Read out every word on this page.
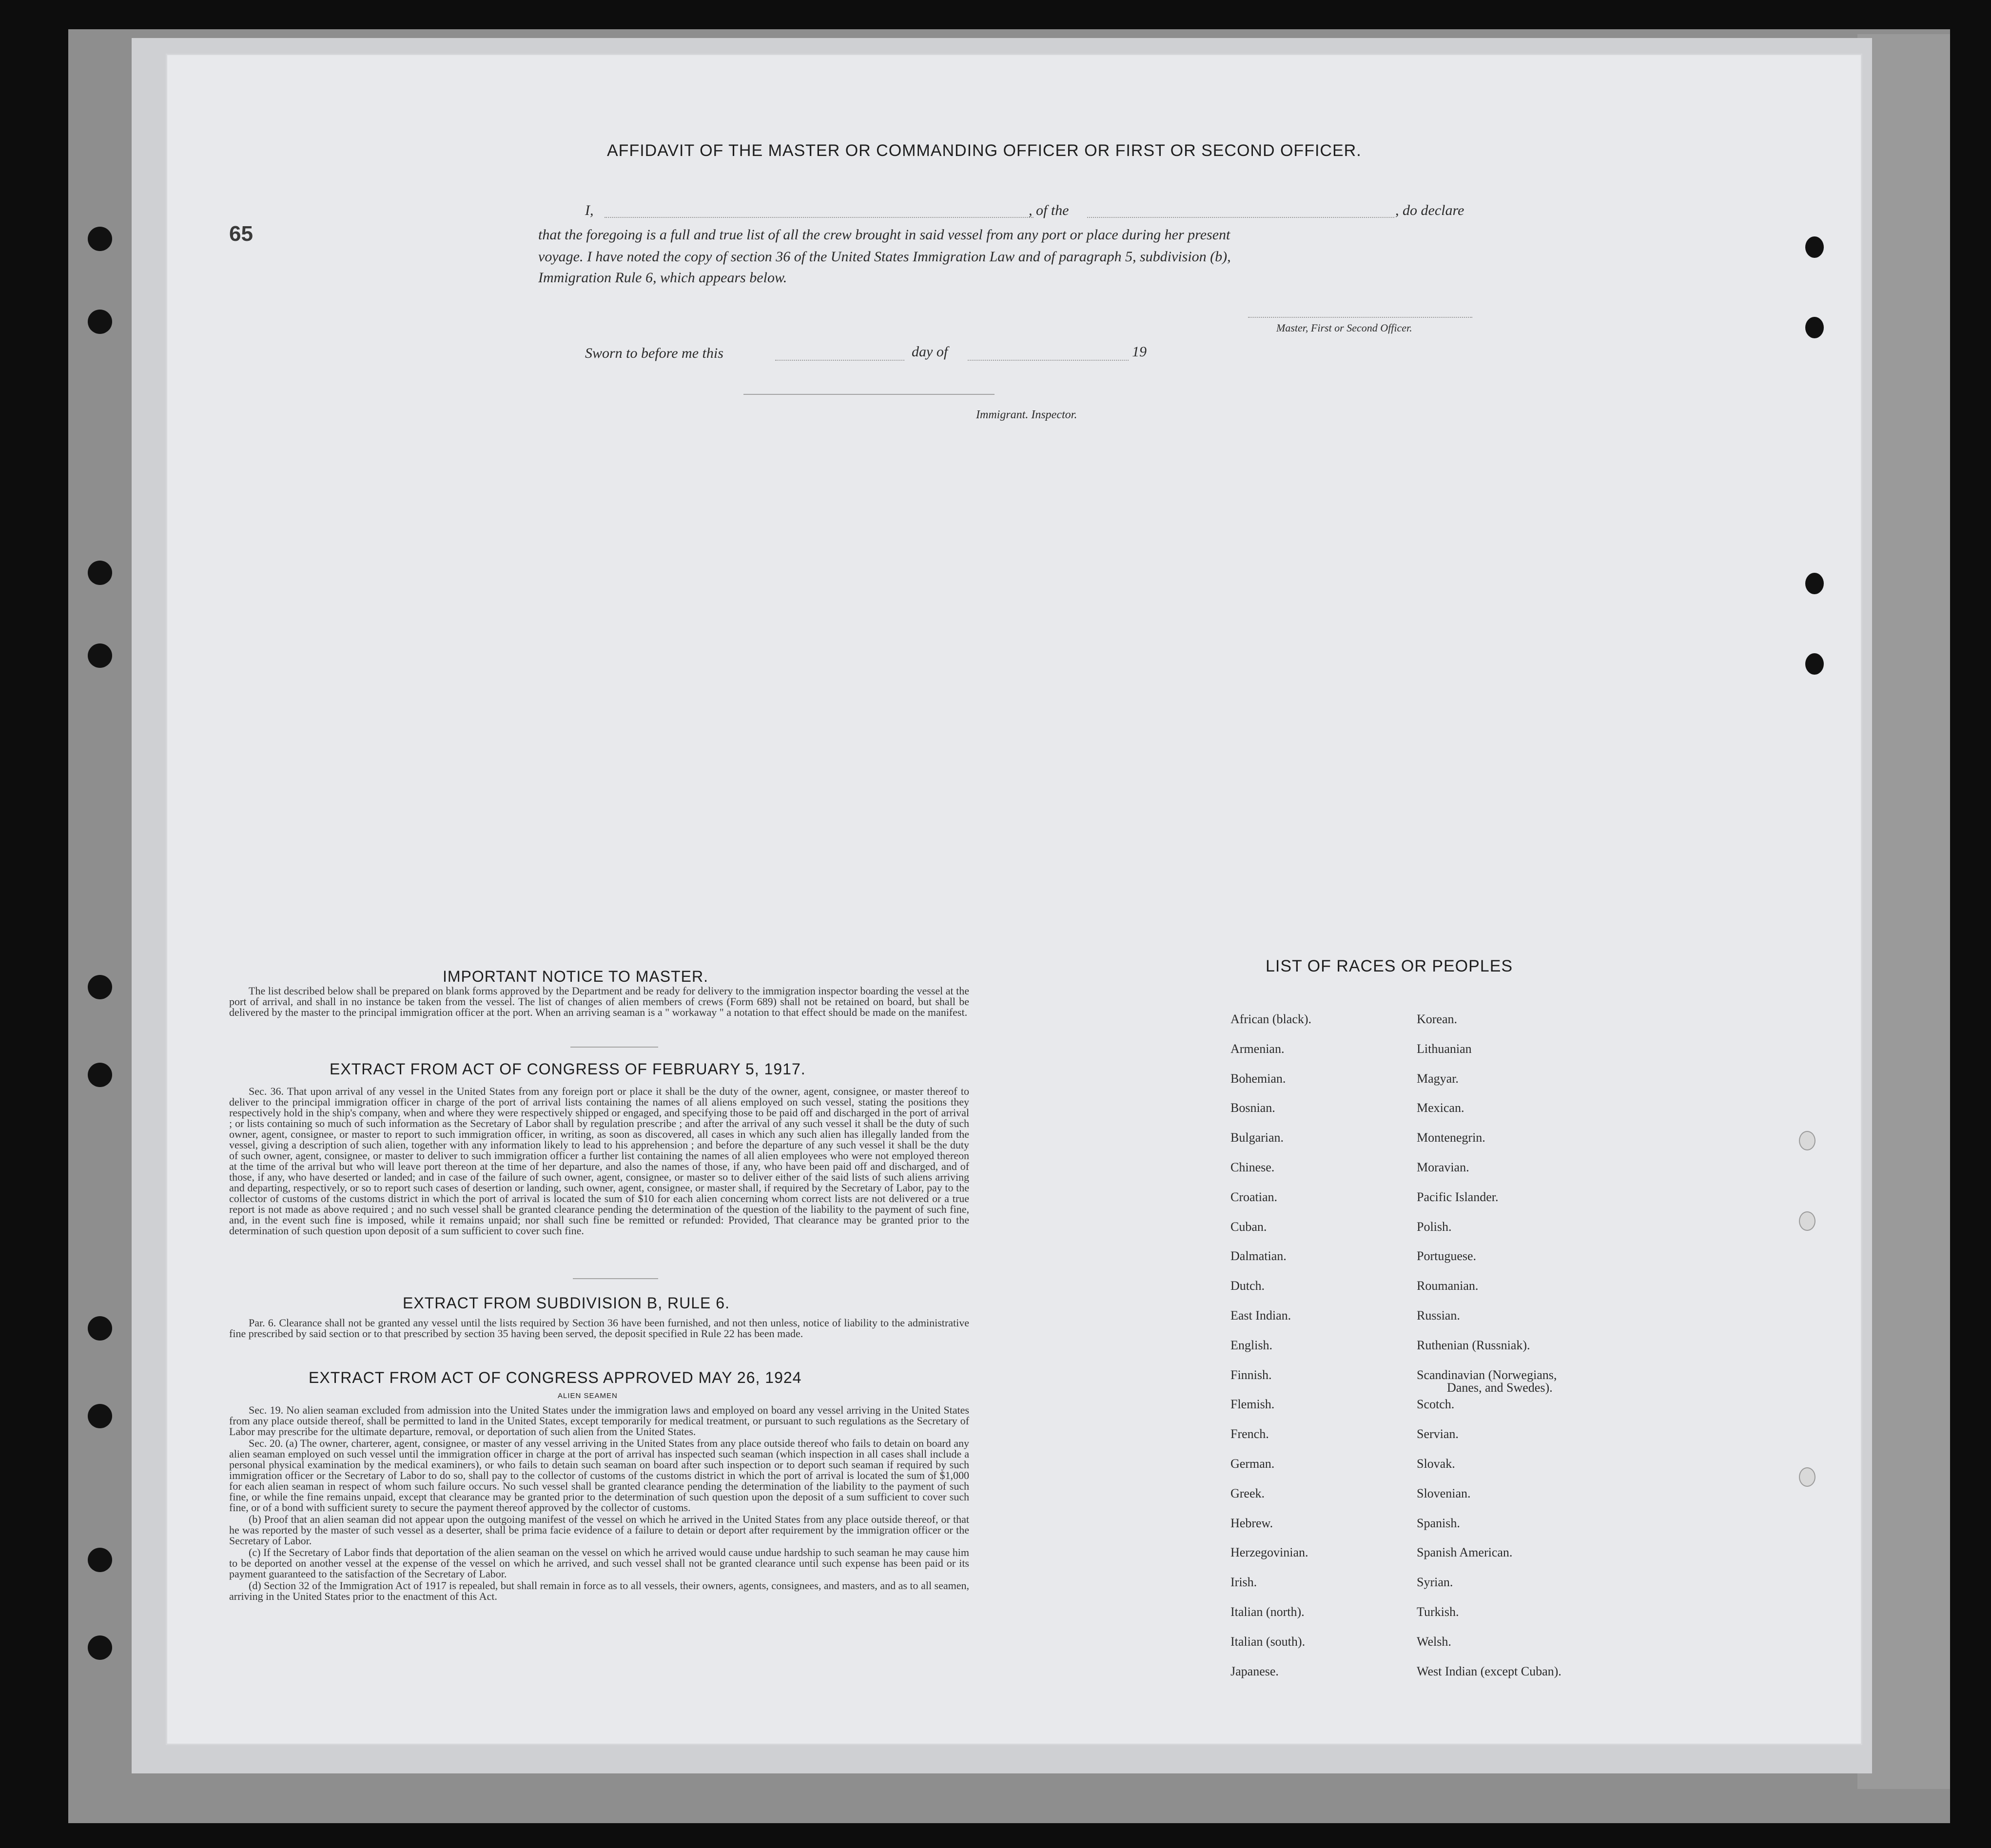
65
AFFIDAVIT OF THE MASTER OR COMMANDING OFFICER OR FIRST OR SECOND OFFICER.
I,	, of the	, do declare
that the foregoing is a full and true list of all the crew brought in said vessel from any port or place during her present
voyage. I have noted the copy of section 36 of the United States Immigration Law and of paragraph 5, subdivision (b),
Immigration Rule 6, which appears below.
Master, First or Second Officer.
Sworn to before me this	day of	19
Immigrant. Inspector.
IMPORTANT NOTICE TO MASTER.

The list described below shall be prepared on blank forms approved by the Department and be ready for delivery to the immigration inspector boarding the vessel at the port of arrival, and shall in no instance be taken from the vessel. The list of changes of alien members of crews (Form 689) shall not be retained on board, but shall be delivered by the master to the principal immigration officer at the port. When an arriving seaman is a " workaway " a notation to that effect should be made on the manifest.

EXTRACT FROM ACT OF CONGRESS OF FEBRUARY 5, 1917.

Sec. 36. That upon arrival of any vessel in the United States from any foreign port or place it shall be the duty of the owner, agent, consignee, or master thereof to deliver to the principal immigration officer in charge of the port of arrival lists containing the names of all aliens employed on such vessel, stating the positions they respectively hold in the ship's company, when and where they were respectively shipped or engaged, and specifying those to be paid off and discharged in the port of arrival ; or lists containing so much of such information as the Secretary of Labor shall by regulation prescribe ; and after the arrival of any such vessel it shall be the duty of such owner, agent, consignee, or master to report to such immigration officer, in writing, as soon as discovered, all cases in which any such alien has illegally landed from the vessel, giving a description of such alien, together with any information likely to lead to his apprehension ; and before the departure of any such vessel it shall be the duty of such owner, agent, consignee, or master to deliver to such immigration officer a further list containing the names of all alien employees who were not employed thereon at the time of the arrival but who will leave port thereon at the time of her departure, and also the names of those, if any, who have been paid off and discharged, and of those, if any, who have deserted or landed; and in case of the failure of such owner, agent, consignee, or master so to deliver either of the said lists of such aliens arriving and departing, respectively, or so to report such cases of desertion or landing, such owner, agent, consignee, or master shall, if required by the Secretary of Labor, pay to the collector of customs of the customs district in which the port of arrival is located the sum of $10 for each alien concerning whom correct lists are not delivered or a true report is not made as above required ; and no such vessel shall be granted clearance pending the determination of the question of the liability to the payment of such fine, and, in the event such fine is imposed, while it remains unpaid; nor shall such fine be remitted or refunded: Provided, That clearance may be granted prior to the determination of such question upon deposit of a sum sufficient to cover such fine.

EXTRACT FROM SUBDIVISION B, RULE 6.

Par. 6. Clearance shall not be granted any vessel until the lists required by Section 36 have been furnished, and not then unless, notice of liability to the administrative fine prescribed by said section or to that prescribed by section 35 having been served, the deposit specified in Rule 22 has been made.

EXTRACT FROM ACT OF CONGRESS APPROVED MAY 26, 1924
ALIEN SEAMEN

Sec. 19. No alien seaman excluded from admission into the United States under the immigration laws and employed on board any vessel arriving in the United States from any place outside thereof, shall be permitted to land in the United States, except temporarily for medical treatment, or pursuant to such regulations as the Secretary of Labor may prescribe for the ultimate departure, removal, or deportation of such alien from the United States.

Sec. 20. (a) The owner, charterer, agent, consignee, or master of any vessel arriving in the United States from any place outside thereof who fails to detain on board any alien seaman employed on such vessel until the immigration officer in charge at the port of arrival has inspected such seaman (which inspection in all cases shall include a personal physical examination by the medical examiners), or who fails to detain such seaman on board after such inspection or to deport such seaman if required by such immigration officer or the Secretary of Labor to do so, shall pay to the collector of customs of the customs district in which the port of arrival is located the sum of $1,000 for each alien seaman in respect of whom such failure occurs. No such vessel shall be granted clearance pending the determination of the liability to the payment of such fine, or while the fine remains unpaid, except that clearance may be granted prior to the determination of such question upon the deposit of a sum sufficient to cover such fine, or of a bond with sufficient surety to secure the payment thereof approved by the collector of customs.

(b) Proof that an alien seaman did not appear upon the outgoing manifest of the vessel on which he arrived in the United States from any place outside thereof, or that he was reported by the master of such vessel as a deserter, shall be prima facie evidence of a failure to detain or deport after requirement by the immigration officer or the Secretary of Labor.

(c) If the Secretary of Labor finds that deportation of the alien seaman on the vessel on which he arrived would cause undue hardship to such seaman he may cause him to be deported on another vessel at the expense of the vessel on which he arrived, and such vessel shall not be granted clearance until such expense has been paid or its payment guaranteed to the satisfaction of the Secretary of Labor.

(d) Section 32 of the Immigration Act of 1917 is repealed, but shall remain in force as to all vessels, their owners, agents, consignees, and masters, and as to all seamen, arriving in the United States prior to the enactment of this Act.

LIST OF RACES OR PEOPLES
African (black).
Armenian.
Bohemian.
Bosnian.
Bulgarian.
Chinese.
Croatian.
Cuban.
Dalmatian.
Dutch.
East Indian.
English.
Finnish.
Flemish.
French.
German.
Greek.
Hebrew.
Herzegovinian.
Irish.
Italian (north).
Italian (south).
Japanese.
Korean.
Lithuanian
Magyar.
Mexican.
Montenegrin.
Moravian.
Pacific Islander.
Polish.
Portuguese.
Roumanian.
Russian.
Ruthenian (Russniak).
Scandinavian (Norwegians,
Danes, and Swedes).
Scotch.
Servian.
Slovak.
Slovenian.
Spanish.
Spanish American.
Syrian.
Turkish.
Welsh.
West Indian (except Cuban).
